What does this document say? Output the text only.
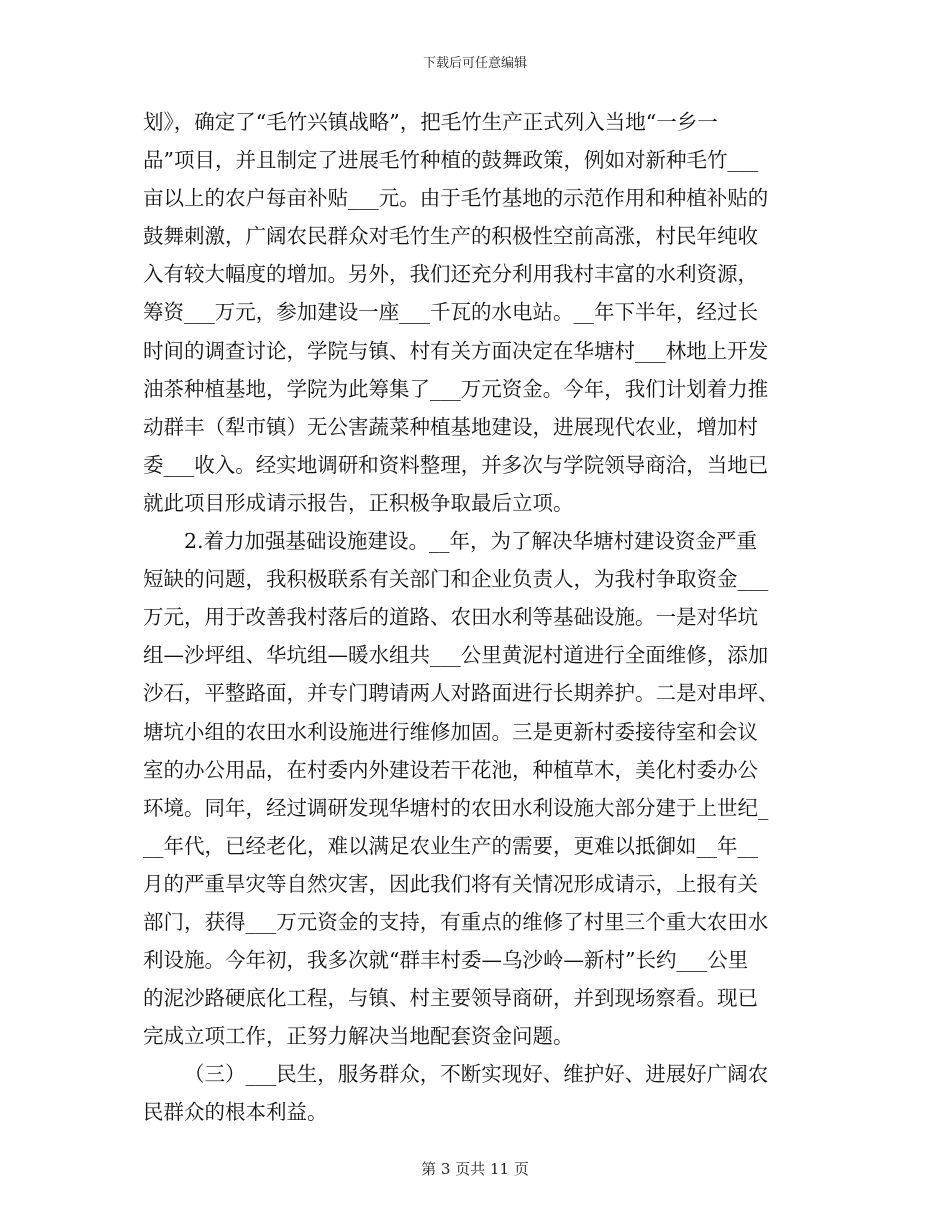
下载后可任意编辑

划》，确定了“毛竹兴镇战略”，把毛竹生产正式列入当地“一乡一
品”项目，并且制定了进展毛竹种植的鼓舞政策，例如对新种毛竹___
亩以上的农户每亩补贴___元。由于毛竹基地的示范作用和种植补贴的
鼓舞刺激，广阔农民群众对毛竹生产的积极性空前高涨，村民年纯收
入有较大幅度的增加。另外，我们还充分利用我村丰富的水利资源，
筹资___万元，参加建设一座___千瓦的水电站。__年下半年，经过长
时间的调查讨论，学院与镇、村有关方面决定在华塘村___林地上开发
油茶种植基地，学院为此筹集了___万元资金。今年，我们计划着力推
动群丰（犁市镇）无公害蔬菜种植基地建设，进展现代农业，增加村
委___收入。经实地调研和资料整理，并多次与学院领导商洽，当地已
就此项目形成请示报告，正积极争取最后立项。

2.着力加强基础设施建设。__年，为了解决华塘村建设资金严重
短缺的问题，我积极联系有关部门和企业负责人，为我村争取资金___
万元，用于改善我村落后的道路、农田水利等基础设施。一是对华坑
组—沙坪组、华坑组—暖水组共___公里黄泥村道进行全面维修，添加
沙石，平整路面，并专门聘请两人对路面进行长期养护。二是对串坪、
塘坑小组的农田水利设施进行维修加固。三是更新村委接待室和会议
室的办公用品，在村委内外建设若干花池，种植草木，美化村委办公
环境。同年，经过调研发现华塘村的农田水利设施大部分建于上世纪_
__年代，已经老化，难以满足农业生产的需要，更难以抵御如__年__
月的严重旱灾等自然灾害，因此我们将有关情况形成请示，上报有关
部门，获得___万元资金的支持，有重点的维修了村里三个重大农田水
利设施。今年初，我多次就“群丰村委—乌沙岭—新村”长约___公里
的泥沙路硬底化工程，与镇、村主要领导商研，并到现场察看。现已
完成立项工作，正努力解决当地配套资金问题。

（三）___民生，服务群众，不断实现好、维护好、进展好广阔农
民群众的根本利益。

第 3 页共 11 页
